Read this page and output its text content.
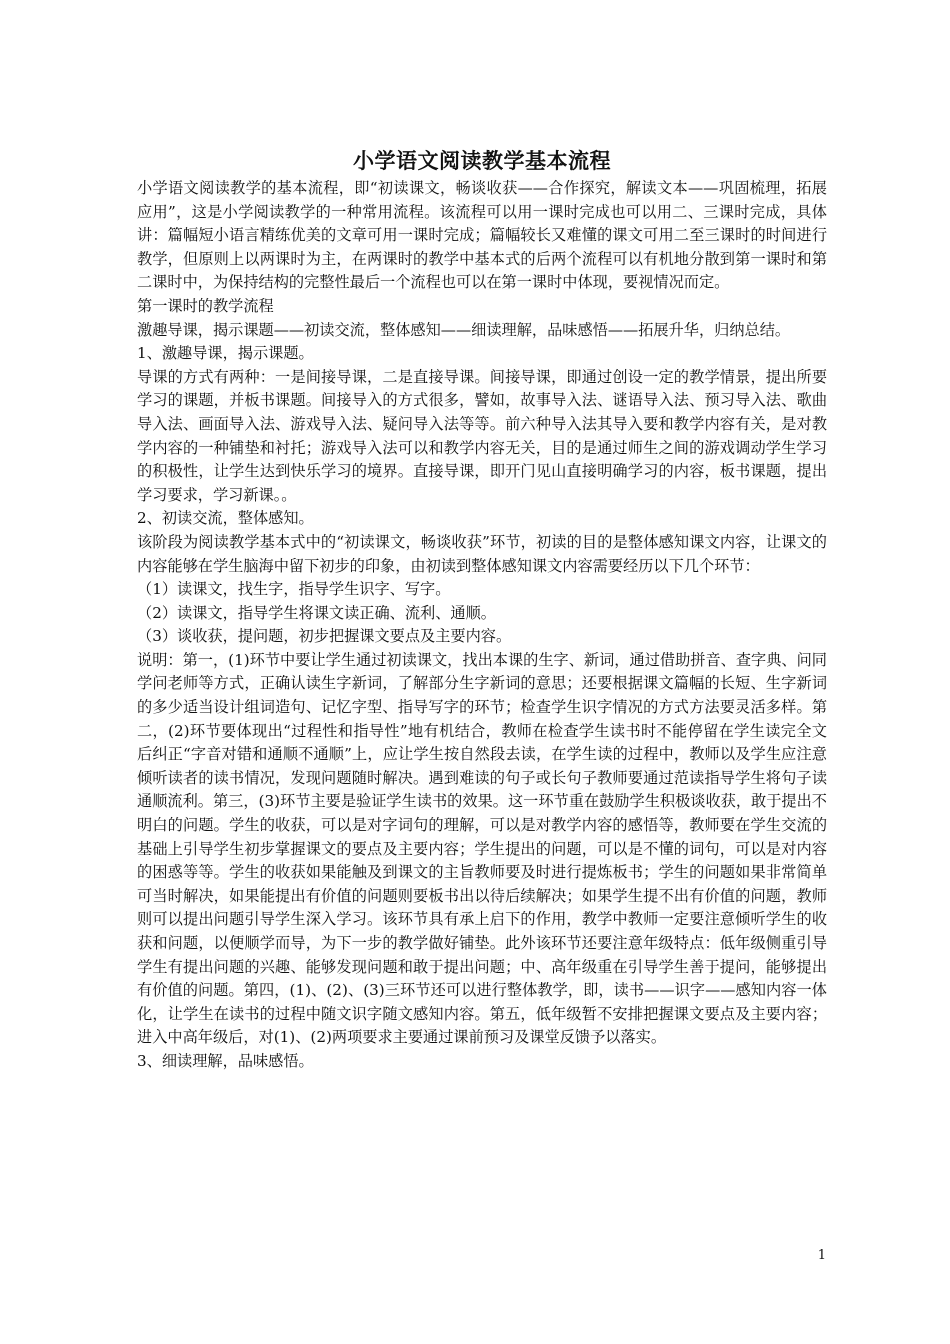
小学语文阅读教学基本流程

小学语文阅读教学的基本流程，即“初读课文，畅谈收获——合作探究，解读文本——巩固梳理，拓展应用”，这是小学阅读教学的一种常用流程。该流程可以用一课时完成也可以用二、三课时完成，具体讲：篇幅短小语言精练优美的文章可用一课时完成；篇幅较长又难懂的课文可用二至三课时的时间进行教学，但原则上以两课时为主，在两课时的教学中基本式的后两个流程可以有机地分散到第一课时和第二课时中，为保持结构的完整性最后一个流程也可以在第一课时中体现，要视情况而定。

第一课时的教学流程

激趣导课，揭示课题——初读交流，整体感知——细读理解，品味感悟——拓展升华，归纳总结。

1、激趣导课，揭示课题。

导课的方式有两种：一是间接导课，二是直接导课。间接导课，即通过创设一定的教学情景，提出所要学习的课题，并板书课题。间接导入的方式很多，譬如，故事导入法、谜语导入法、预习导入法、歌曲导入法、画面导入法、游戏导入法、疑问导入法等等。前六种导入法其导入要和教学内容有关，是对教学内容的一种铺垫和衬托；游戏导入法可以和教学内容无关，目的是通过师生之间的游戏调动学生学习的积极性，让学生达到快乐学习的境界。直接导课，即开门见山直接明确学习的内容，板书课题，提出学习要求，学习新课。。

2、初读交流，整体感知。

该阶段为阅读教学基本式中的“初读课文，畅谈收获”环节，初读的目的是整体感知课文内容，让课文的内容能够在学生脑海中留下初步的印象，由初读到整体感知课文内容需要经历以下几个环节：

（1）读课文，找生字，指导学生识字、写字。

（2）读课文，指导学生将课文读正确、流利、通顺。

（3）谈收获，提问题，初步把握课文要点及主要内容。

说明：第一，(1)环节中要让学生通过初读课文，找出本课的生字、新词，通过借助拼音、查字典、问同学问老师等方式，正确认读生字新词，了解部分生字新词的意思；还要根据课文篇幅的长短、生字新词的多少适当设计组词造句、记忆字型、指导写字的环节；检查学生识字情况的方式方法要灵活多样。第二，(2)环节要体现出“过程性和指导性”地有机结合，教师在检查学生读书时不能停留在学生读完全文后纠正“字音对错和通顺不通顺”上，应让学生按自然段去读，在学生读的过程中，教师以及学生应注意倾听读者的读书情况，发现问题随时解决。遇到难读的句子或长句子教师要通过范读指导学生将句子读通顺流利。第三，(3)环节主要是验证学生读书的效果。这一环节重在鼓励学生积极谈收获，敢于提出不明白的问题。学生的收获，可以是对字词句的理解，可以是对教学内容的感悟等，教师要在学生交流的基础上引导学生初步掌握课文的要点及主要内容；学生提出的问题，可以是不懂的词句，可以是对内容的困惑等等。学生的收获如果能触及到课文的主旨教师要及时进行提炼板书；学生的问题如果非常简单可当时解决，如果能提出有价值的问题则要板书出以待后续解决；如果学生提不出有价值的问题，教师则可以提出问题引导学生深入学习。该环节具有承上启下的作用，教学中教师一定要注意倾听学生的收获和问题，以便顺学而导，为下一步的教学做好铺垫。此外该环节还要注意年级特点：低年级侧重引导学生有提出问题的兴趣、能够发现问题和敢于提出问题；中、高年级重在引导学生善于提问，能够提出有价值的问题。第四，(1)、(2)、(3)三环节还可以进行整体教学，即，读书——识字——感知内容一体化，让学生在读书的过程中随文识字随文感知内容。第五，低年级暂不安排把握课文要点及主要内容；进入中高年级后，对(1)、(2)两项要求主要通过课前预习及课堂反馈予以落实。

3、细读理解，品味感悟。

1
